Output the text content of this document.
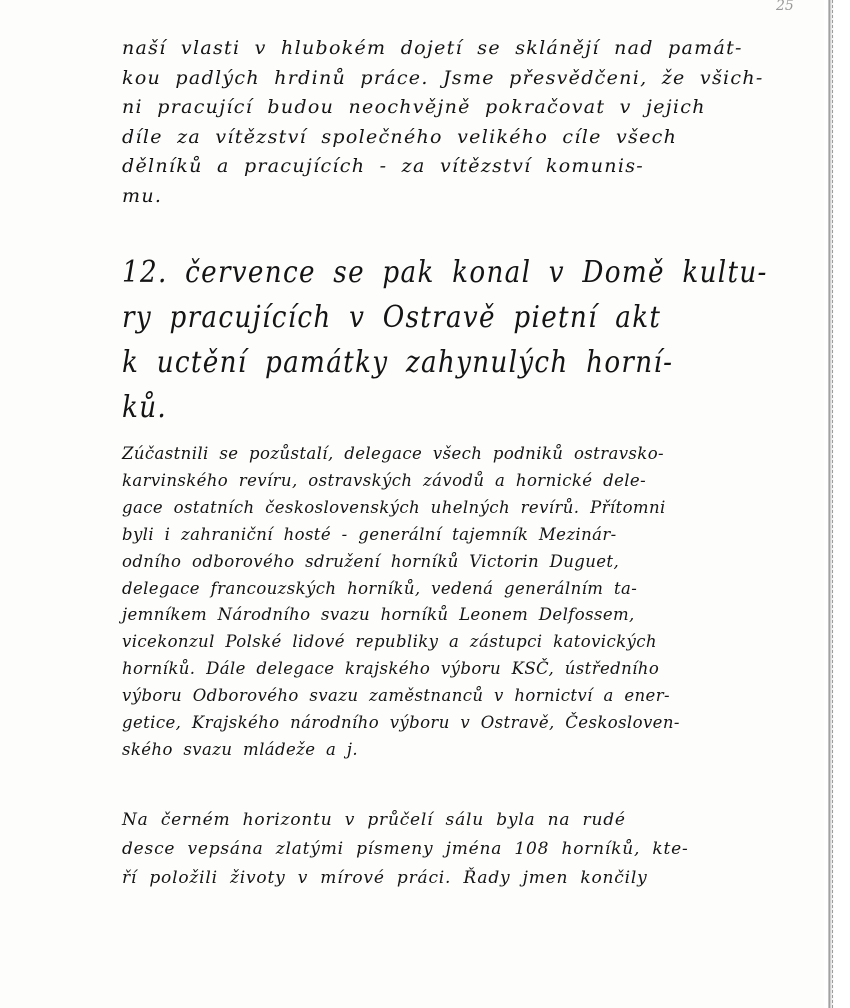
25
naší vlasti v hlubokém dojetí se sklánějí nad památ-
kou padlých hrdinů práce. Jsme přesvědčeni, že všich-
ni pracující budou neochvějně pokračovat v jejich
díle za vítězství společného velikého cíle všech
dělníků a pracujících - za vítězství komunis-
mu.
12. července se pak konal v Domě kultu-
ry pracujících v Ostravě pietní akt
k uctění památky zahynulých horní-
ků.
Zúčastnili se pozůstalí, delegace všech podniků ostravsko-
karvinského revíru, ostravských závodů a hornické dele-
gace ostatních československých uhelných revírů. Přítomni
byli i zahraniční hosté - generální tajemník Mezinár-
odního odborového sdružení horníků Victorin Duguet,
delegace francouzských horníků, vedená generálním ta-
jemníkem Národního svazu horníků Leonem Delfossem,
vicekonzul Polské lidové republiky a zástupci katovických
horníků. Dále delegace krajského výboru KSČ, ústředního
výboru Odborového svazu zaměstnanců v hornictví a ener-
getice, Krajského národního výboru v Ostravě, Českosloven-
ského svazu mládeže a j.
Na černém horizontu v průčelí sálu byla na rudé
desce vepsána zlatými písmeny jména 108 horníků, kte-
ří položili životy v mírové práci. Řady jmen končily
